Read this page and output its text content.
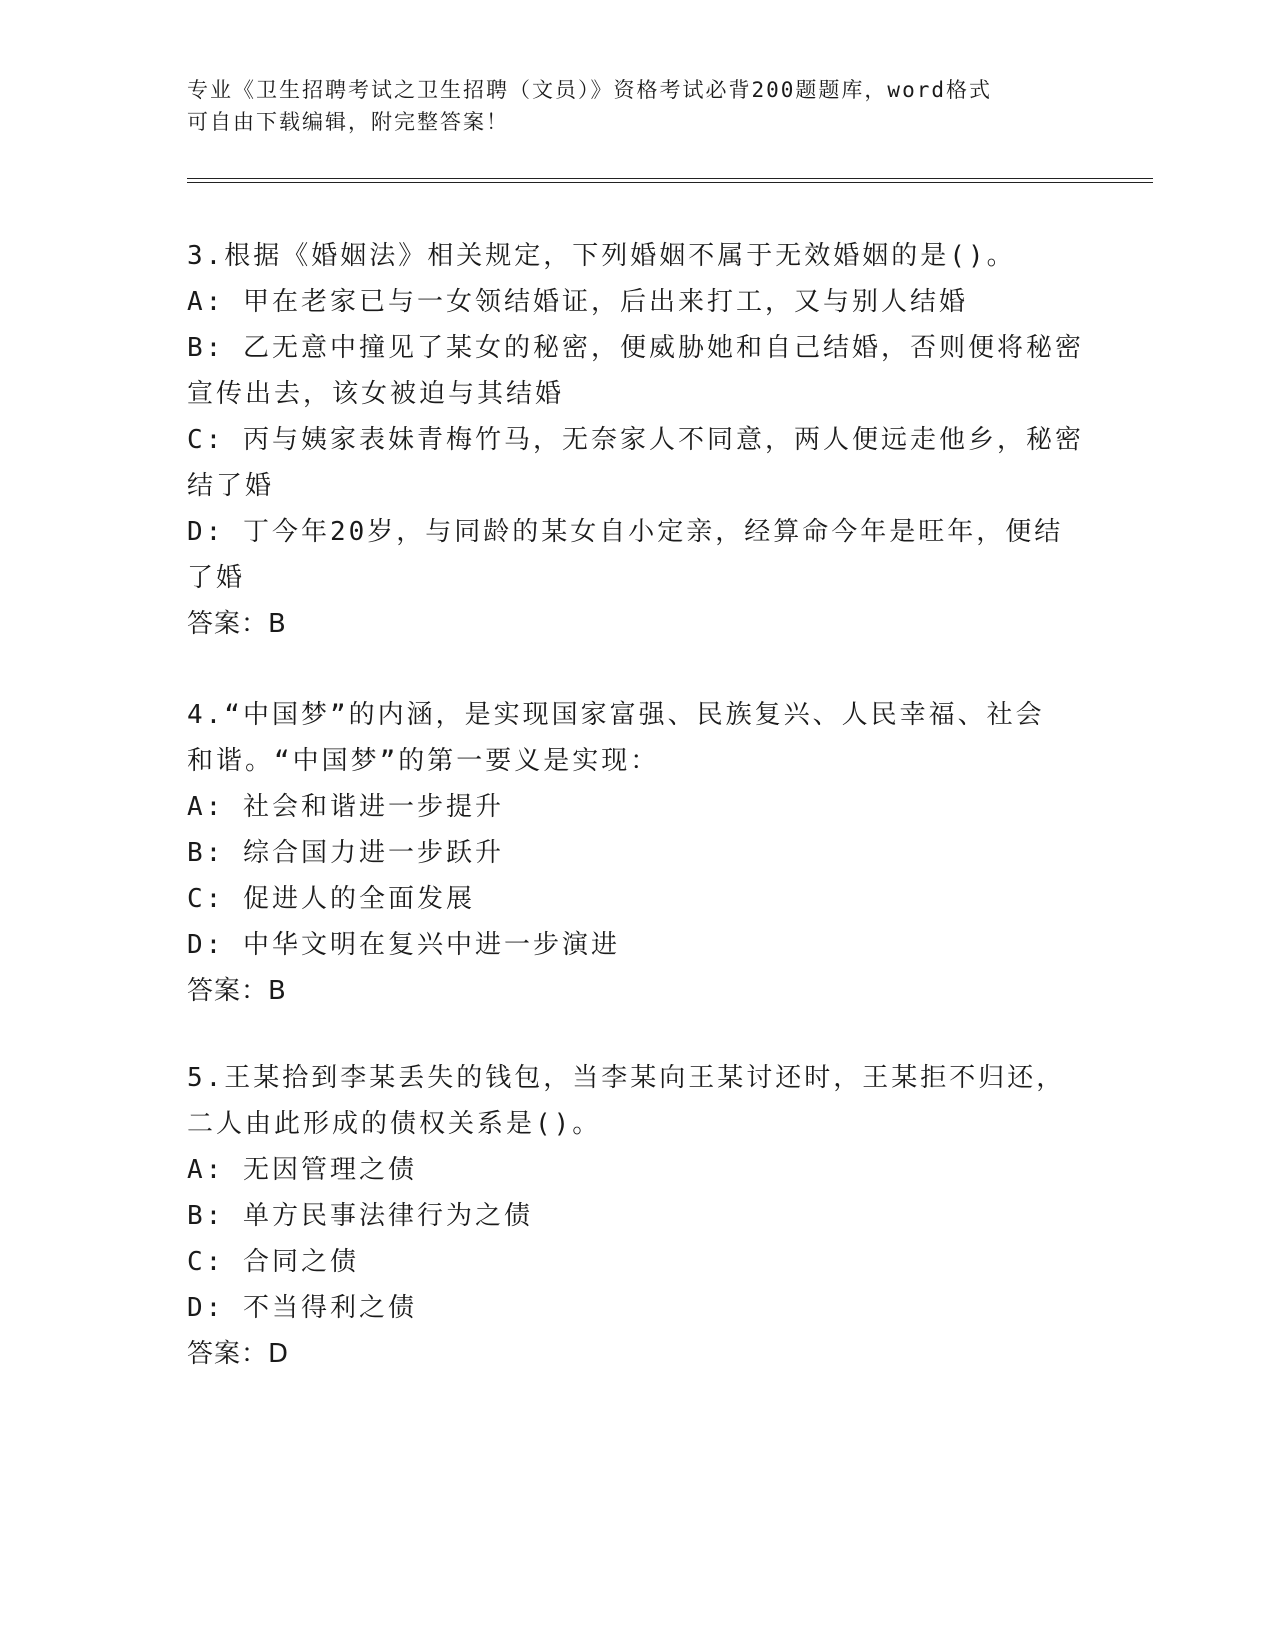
专业《卫生招聘考试之卫生招聘（文员）》资格考试必背200题题库，word格式
可自由下载编辑，附完整答案！
3.根据《婚姻法》相关规定，下列婚姻不属于无效婚姻的是()。
A: 甲在老家已与一女领结婚证，后出来打工，又与别人结婚
B: 乙无意中撞见了某女的秘密，便威胁她和自己结婚，否则便将秘密
宣传出去，该女被迫与其结婚
C: 丙与姨家表妹青梅竹马，无奈家人不同意，两人便远走他乡，秘密
结了婚
D: 丁今年20岁，与同龄的某女自小定亲，经算命今年是旺年，便结
了婚
答案：B
4.“中国梦”的内涵，是实现国家富强、民族复兴、人民幸福、社会
和谐。“中国梦”的第一要义是实现：
A: 社会和谐进一步提升
B: 综合国力进一步跃升
C: 促进人的全面发展
D: 中华文明在复兴中进一步演进
答案：B
5.王某拾到李某丢失的钱包，当李某向王某讨还时，王某拒不归还，
二人由此形成的债权关系是()。
A: 无因管理之债
B: 单方民事法律行为之债
C: 合同之债
D: 不当得利之债
答案：D
